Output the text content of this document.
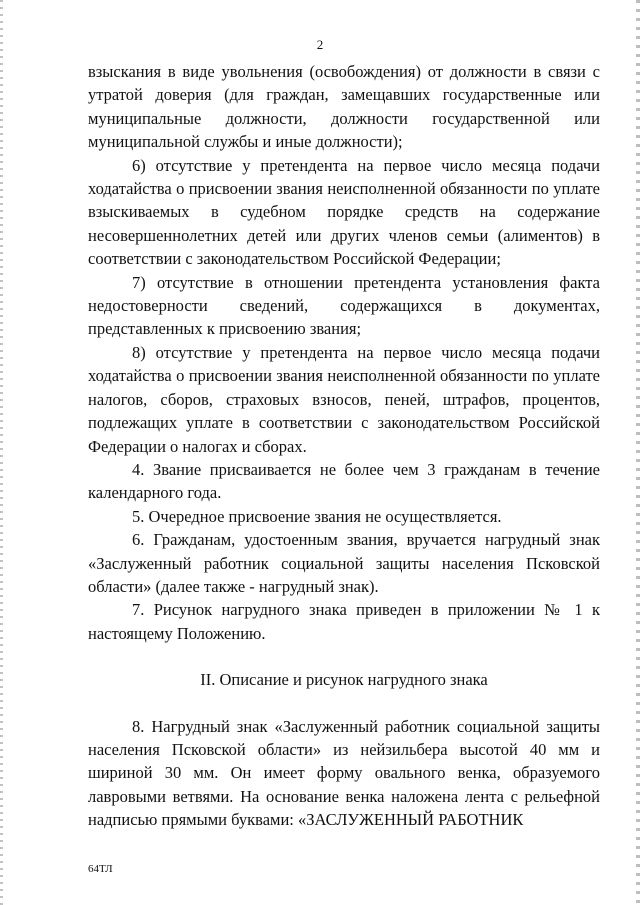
2

взыскания в виде увольнения (освобождения) от должности в связи с утратой доверия (для граждан, замещавших государственные или муниципальные должности, должности государственной или муниципальной службы и иные должности);

6) отсутствие у претендента на первое число месяца подачи ходатайства о присвоении звания неисполненной обязанности по уплате взыскиваемых в судебном порядке средств на содержание несовершеннолетних детей или других членов семьи (алиментов) в соответствии с законодательством Российской Федерации;

7) отсутствие в отношении претендента установления факта недостоверности сведений, содержащихся в документах, представленных к присвоению звания;

8) отсутствие у претендента на первое число месяца подачи ходатайства о присвоении звания неисполненной обязанности по уплате налогов, сборов, страховых взносов, пеней, штрафов, процентов, подлежащих уплате в соответствии с законодательством Российской Федерации о налогах и сборах.

4. Звание присваивается не более чем 3 гражданам в течение календарного года.

5. Очередное присвоение звания не осуществляется.

6. Гражданам, удостоенным звания, вручается нагрудный знак «Заслуженный работник социальной защиты населения Псковской области» (далее также - нагрудный знак).

7. Рисунок нагрудного знака приведен в приложении № 1 к настоящему Положению.

II. Описание и рисунок нагрудного знака

8. Нагрудный знак «Заслуженный работник социальной защиты населения Псковской области» из нейзильбера высотой 40 мм и шириной 30 мм. Он имеет форму овального венка, образуемого лавровыми ветвями. На основание венка наложена лента с рельефной надписью прямыми буквами: «ЗАСЛУЖЕННЫЙ РАБОТНИК

64ТЛ
